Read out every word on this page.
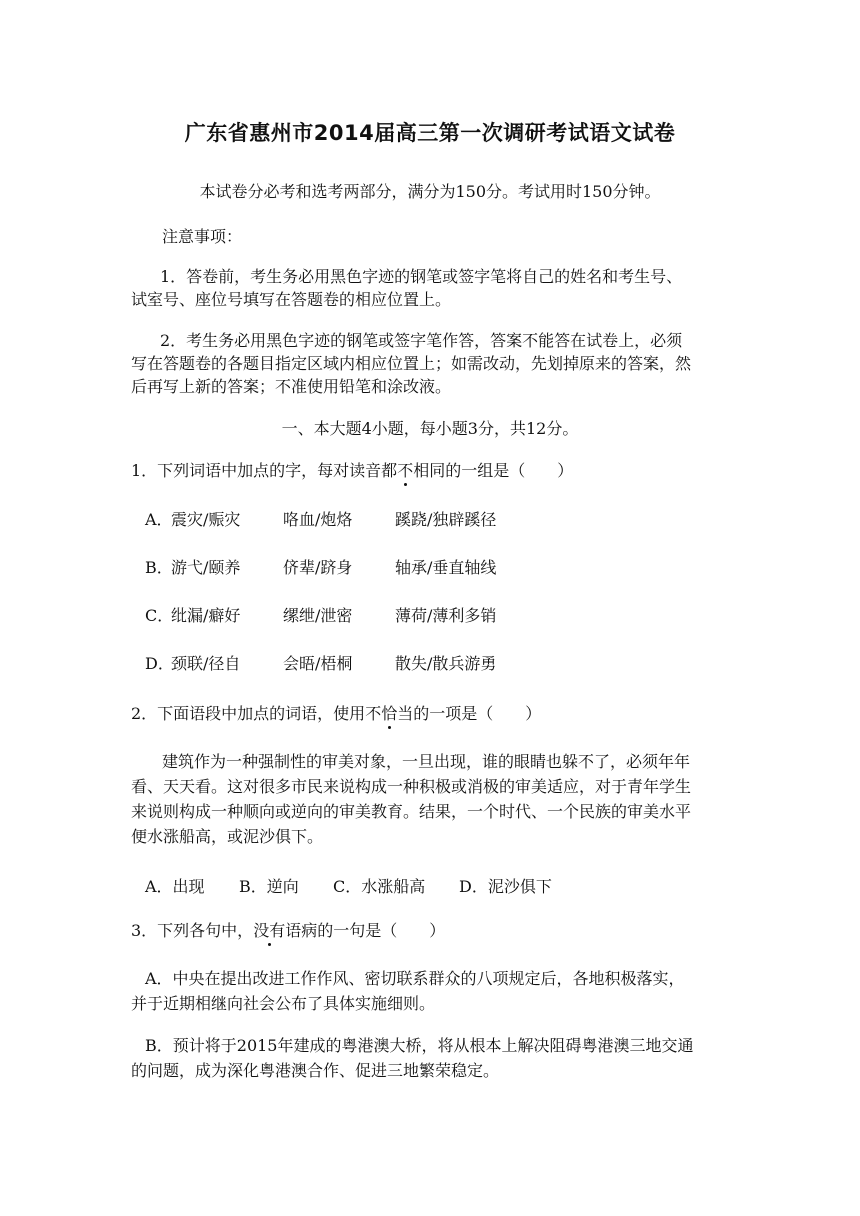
广东省惠州市2014届高三第一次调研考试语文试卷
本试卷分必考和选考两部分，满分为150分。考试用时150分钟。
注意事项：
1．答卷前，考生务必用黑色字迹的钢笔或签字笔将自己的姓名和考生号、
试室号、座位号填写在答题卷的相应位置上。
2．考生务必用黑色字迹的钢笔或签字笔作答，答案不能答在试卷上，必须
写在答题卷的各题目指定区域内相应位置上；如需改动，先划掉原来的答案，然
后再写上新的答案；不准使用铅笔和涂改液。
一、本大题4小题，每小题3分，共12分。
1．下列词语中加点的字，每对读音都不相同的一组是（　　）
A．震灾/赈灾	咯血/炮烙	蹊跷/独辟蹊径
B．游弋/颐养	侪辈/跻身	轴承/垂直轴线
C．纰漏/癖好	缧绁/泄密	薄荷/薄利多销
D．颈联/径自	会晤/梧桐	散失/散兵游勇
2．下面语段中加点的词语，使用不恰当的一项是（　　）
建筑作为一种强制性的审美对象，一旦出现，谁的眼睛也躲不了，必须年年
看、天天看。这对很多市民来说构成一种积极或消极的审美适应，对于青年学生
来说则构成一种顺向或逆向的审美教育。结果，一个时代、一个民族的审美水平
便水涨船高，或泥沙俱下。
A．出现 B．逆向 C．水涨船高 D．泥沙俱下
3．下列各句中，没有语病的一句是（　　）
A．中央在提出改进工作作风、密切联系群众的八项规定后，各地积极落实，
并于近期相继向社会公布了具体实施细则。
B．预计将于2015年建成的粤港澳大桥，将从根本上解决阻碍粤港澳三地交通
的问题，成为深化粤港澳合作、促进三地繁荣稳定。
